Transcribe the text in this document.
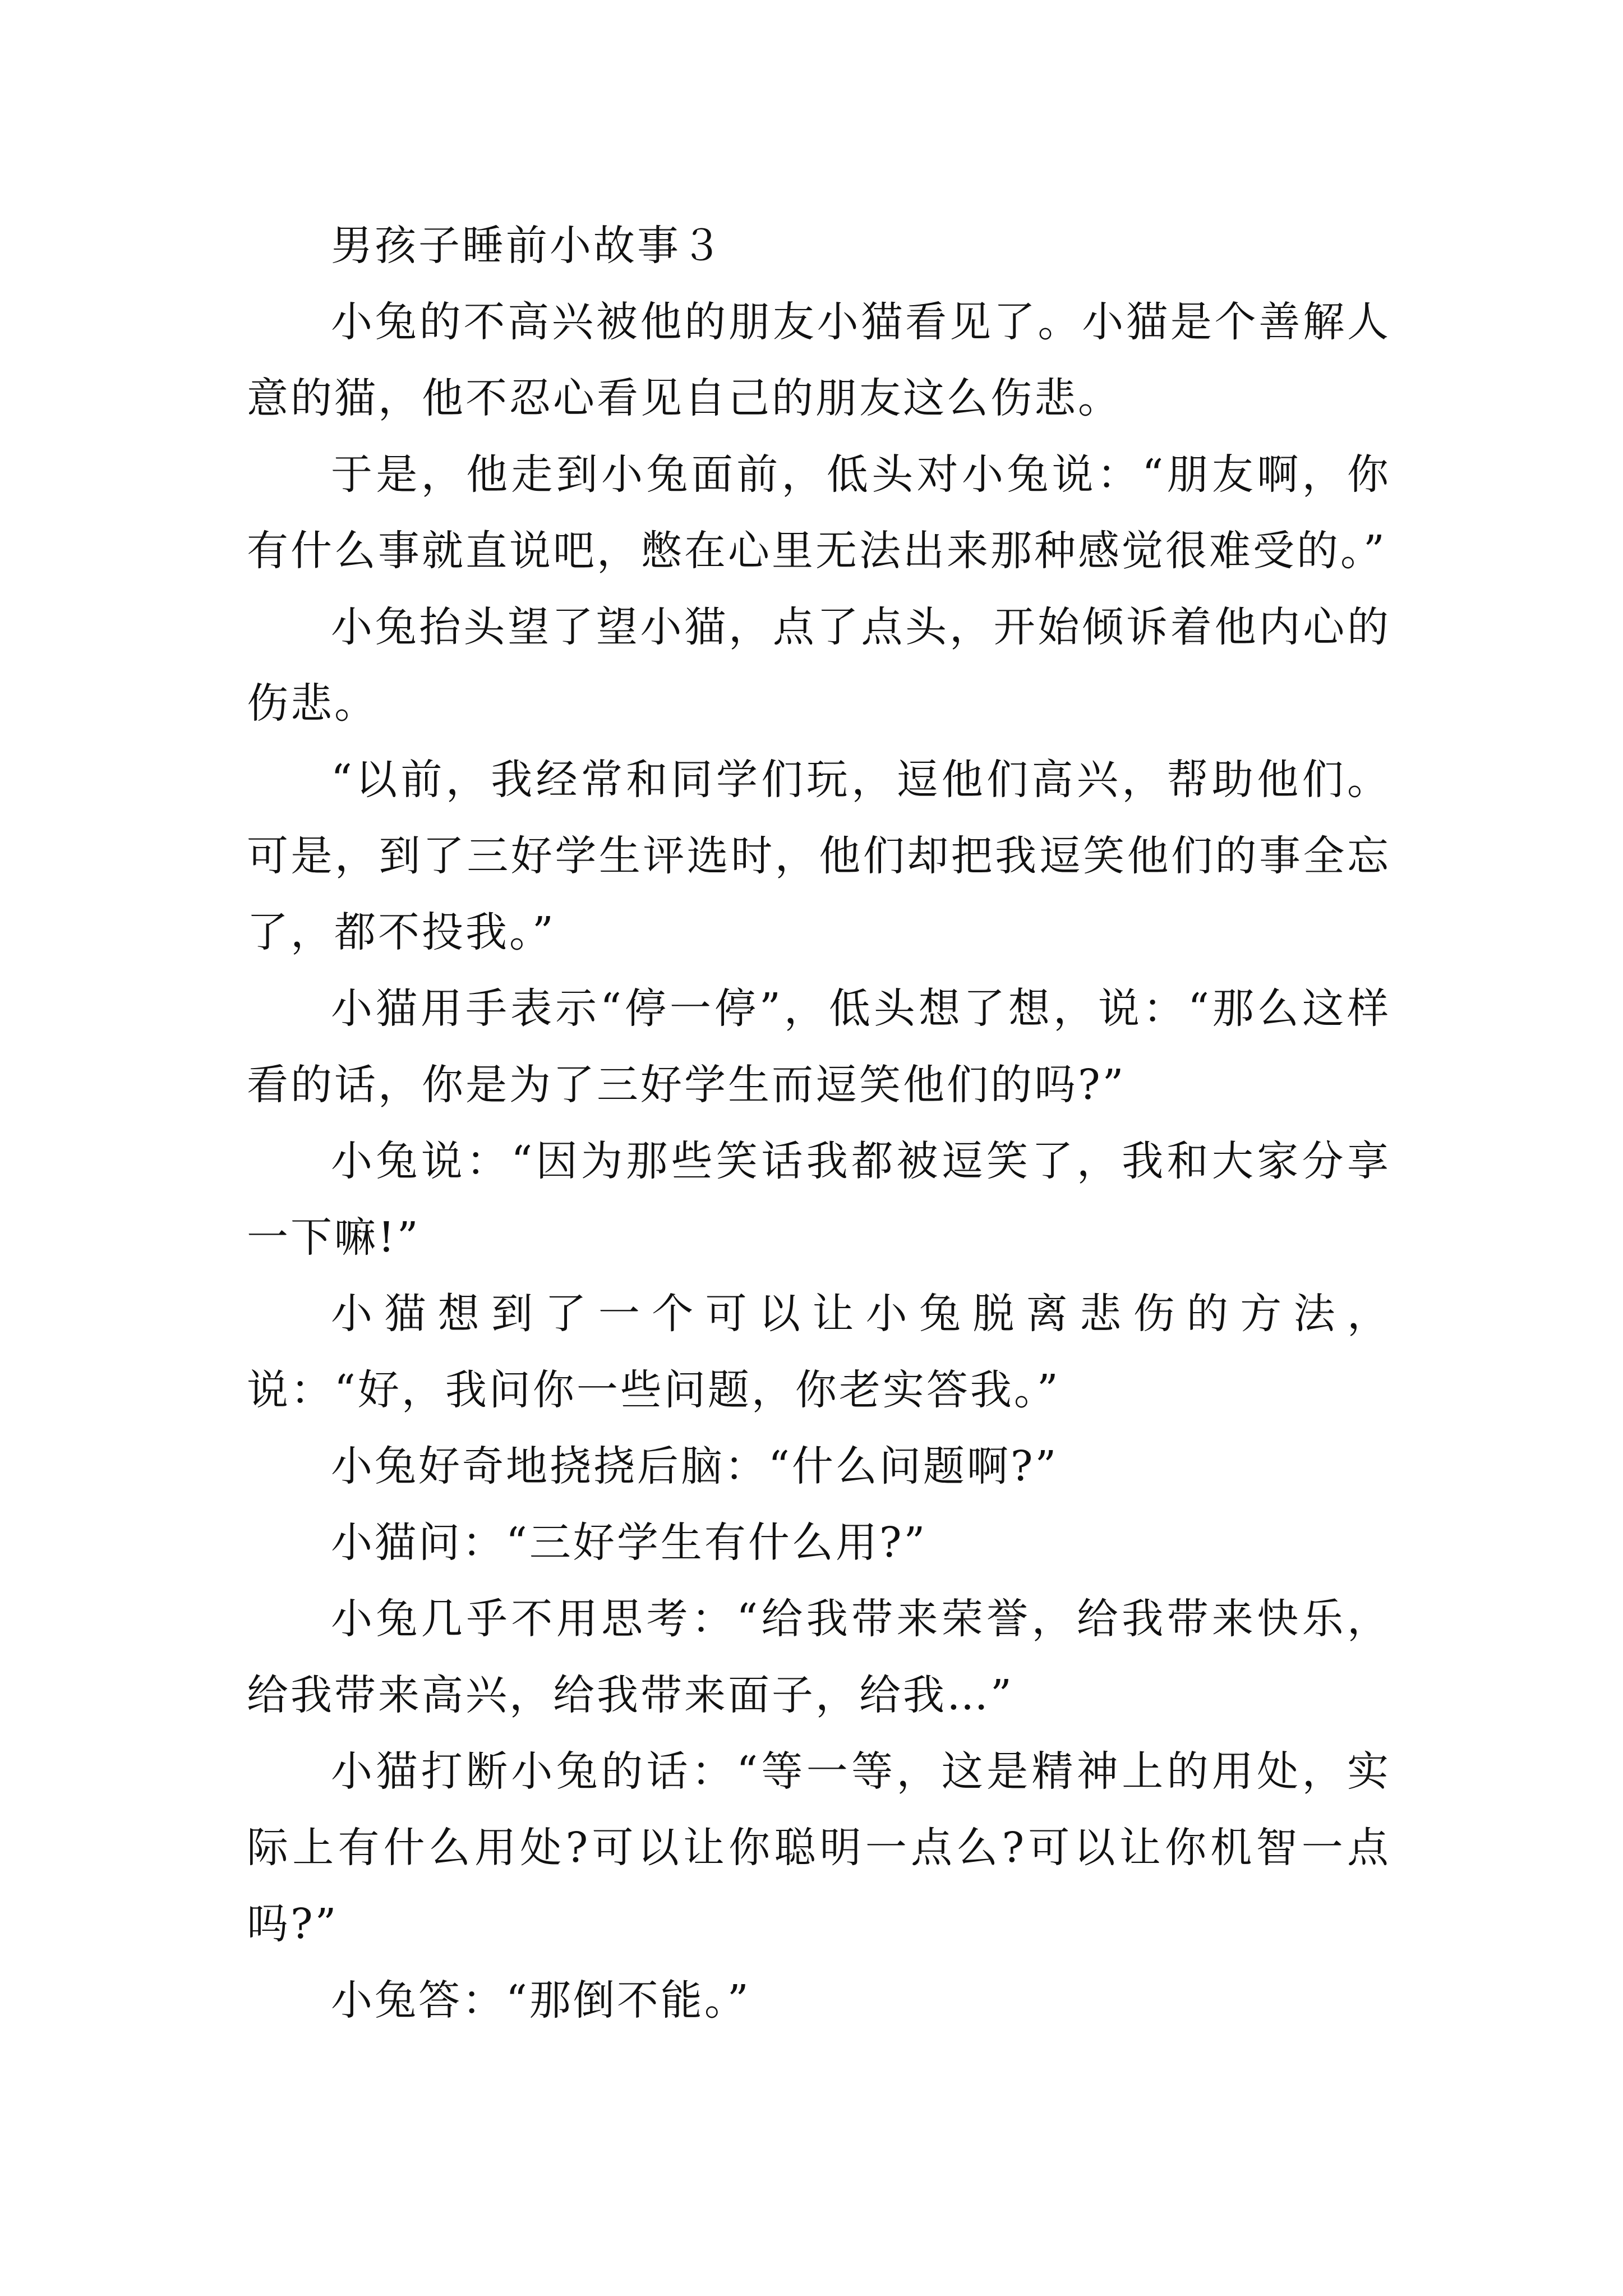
男孩子睡前小故事３

小兔的不高兴被他的朋友小猫看见了。小猫是个善解人意的猫，他不忍心看见自己的朋友这么伤悲。

于是，他走到小兔面前，低头对小兔说：“朋友啊，你有什么事就直说吧，憋在心里无法出来那种感觉很难受的。”

小兔抬头望了望小猫，点了点头，开始倾诉着他内心的伤悲。

“以前，我经常和同学们玩，逗他们高兴，帮助他们。可是，到了三好学生评选时，他们却把我逗笑他们的事全忘了，都不投我。”

小猫用手表示“停一停”，低头想了想，说：“那么这样看的话，你是为了三好学生而逗笑他们的吗?”

小兔说：“因为那些笑话我都被逗笑了，我和大家分享一下嘛!”

小猫想到了一个可以让小兔脱离悲伤的方法，说：“好，我问你一些问题，你老实答我。”

小兔好奇地挠挠后脑：“什么问题啊?”

小猫问：“三好学生有什么用?”

小兔几乎不用思考：“给我带来荣誉，给我带来快乐，给我带来高兴，给我带来面子，给我…”

小猫打断小兔的话：“等一等，这是精神上的用处，实际上有什么用处?可以让你聪明一点么?可以让你机智一点吗?”

小兔答：“那倒不能。”
